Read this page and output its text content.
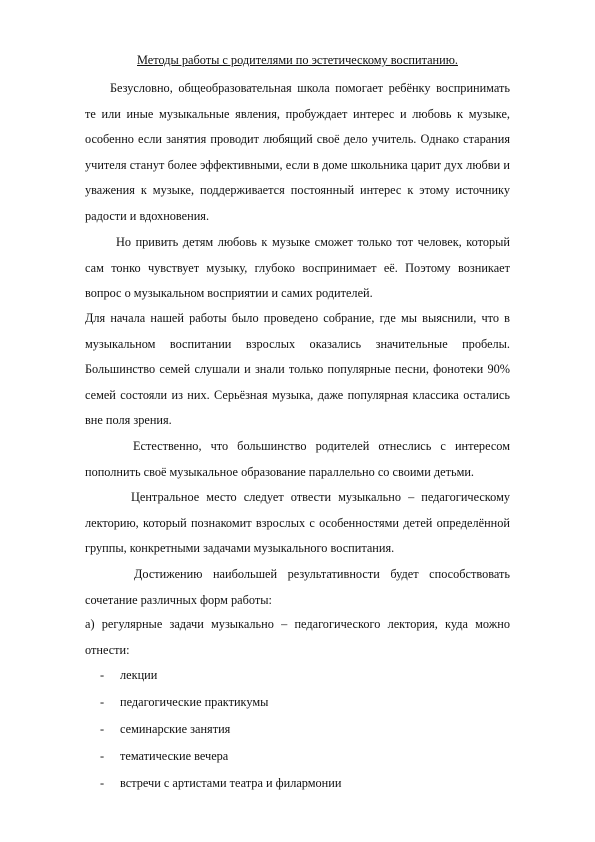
Методы работы с родителями по эстетическому воспитанию.

Безусловно, общеобразовательная школа помогает ребёнку воспринимать те или иные музыкальные явления, пробуждает интерес и любовь к музыке, особенно если занятия проводит любящий своё дело учитель. Однако старания учителя станут более эффективными, если в доме школьника царит дух любви и уважения к музыке, поддерживается постоянный интерес к этому источнику радости и вдохновения.

Но привить детям любовь к музыке сможет только тот человек, который сам тонко чувствует музыку, глубоко воспринимает её. Поэтому возникает вопрос о музыкальном восприятии и самих родителей.

Для начала нашей работы было проведено собрание, где мы выяснили, что в музыкальном воспитании взрослых оказались значительные пробелы. Большинство семей слушали и знали только популярные песни, фонотеки 90% семей состояли из них. Серьёзная музыка, даже популярная классика остались вне поля зрения.

Естественно, что большинство родителей отнеслись с интересом пополнить своё музыкальное образование параллельно со своими детьми.

Центральное место следует отвести музыкально – педагогическому лекторию, который познакомит взрослых с особенностями детей определённой группы, конкретными задачами музыкального воспитания.

Достижению наибольшей результативности будет способствовать сочетание различных форм работы:

а) регулярные задачи музыкально – педагогического лектория, куда можно отнести:

- лекции
- педагогические практикумы
- семинарские занятия
- тематические вечера
- встречи с артистами театра и филармонии
